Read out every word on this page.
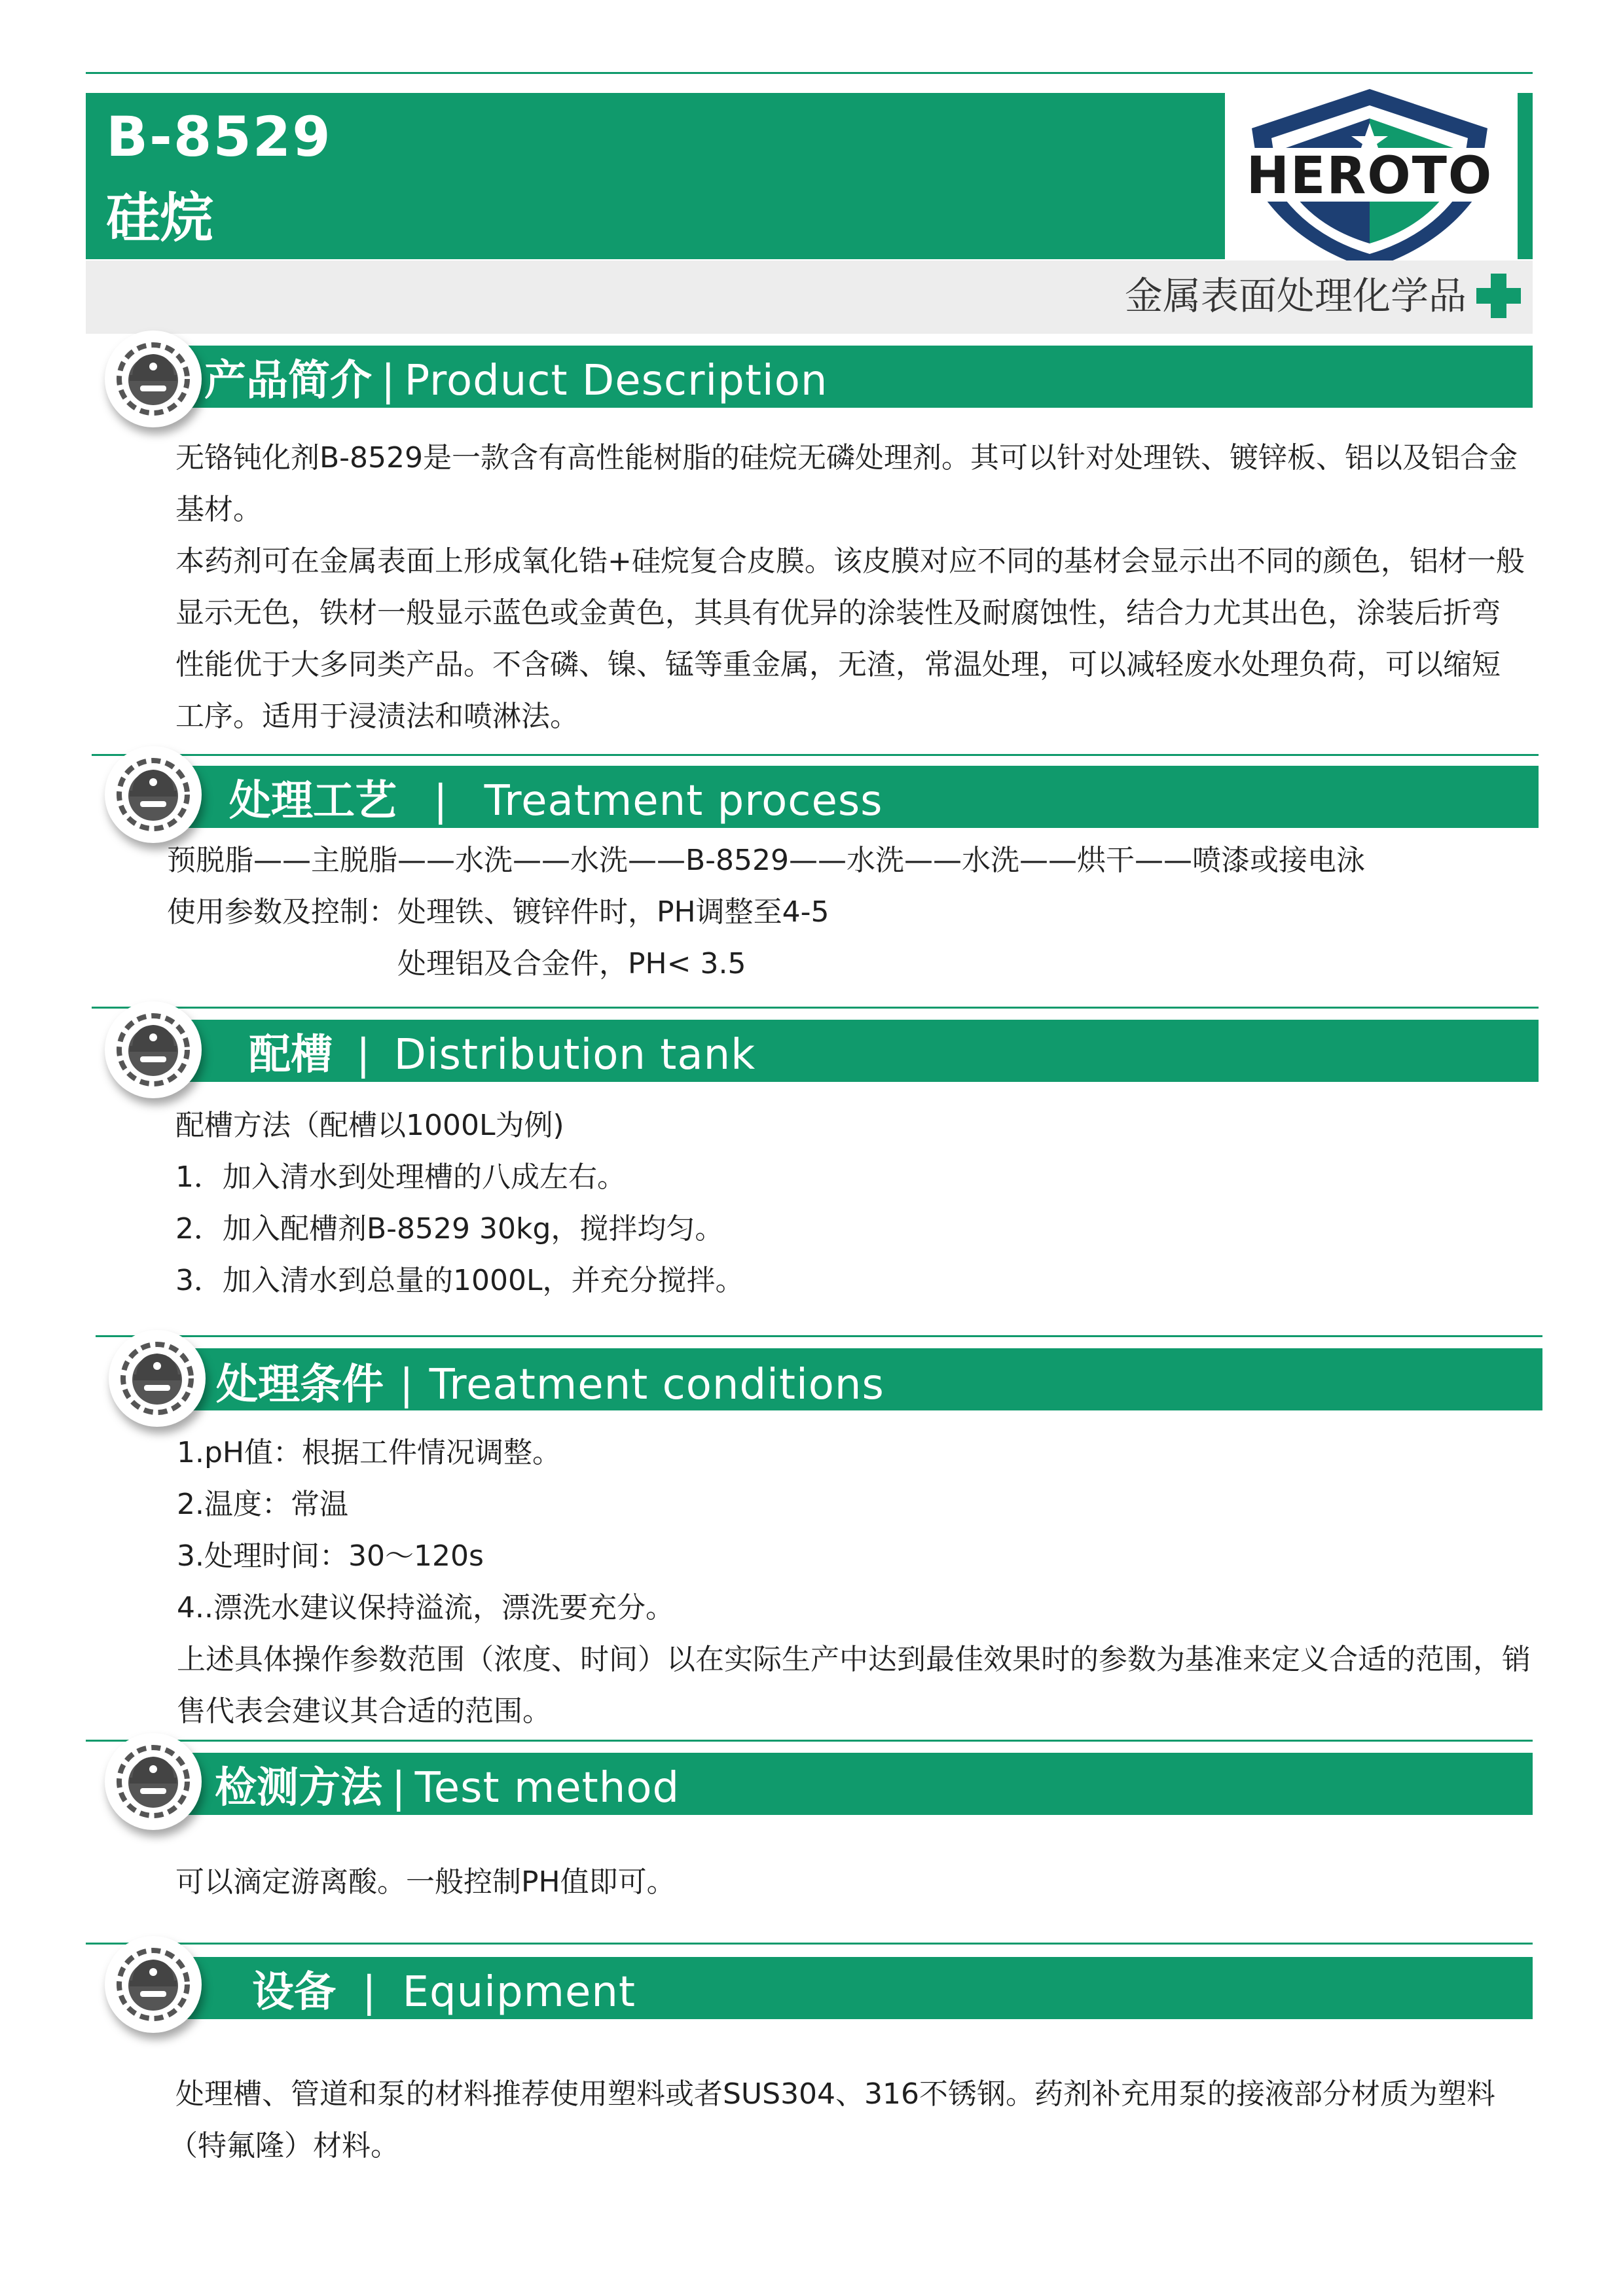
B-8529
硅烷
HEROTO
金属表面处理化学品
产品简介 | Product Description
无铬钝化剂B-8529是一款含有高性能树脂的硅烷无磷处理剂。其可以针对处理铁、镀锌板、铝以及铝合金
基材。
本药剂可在金属表面上形成氧化锆+硅烷复合皮膜。该皮膜对应不同的基材会显示出不同的颜色，铝材一般
显示无色，铁材一般显示蓝色或金黄色，其具有优异的涂装性及耐腐蚀性，结合力尤其出色，涂装后折弯
性能优于大多同类产品。不含磷、镍、锰等重金属，无渣，常温处理，可以减轻废水处理负荷，可以缩短
工序。适用于浸渍法和喷淋法。
处理工艺 | Treatment process
预脱脂——主脱脂——水洗——水洗——B-8529——水洗——水洗——烘干——喷漆或接电泳
使用参数及控制：处理铁、镀锌件时，PH调整至4-5
处理铝及合金件，PH< 3.5
配槽 | Distribution tank
配槽方法（配槽以1000L为例)
1．加入清水到处理槽的八成左右。
2．加入配槽剂B-8529 30kg，搅拌均匀。
3．加入清水到总量的1000L，并充分搅拌。
处理条件 | Treatment conditions
1.pH值：根据工件情况调整。
2.温度：常温
3.处理时间：30～120s
4..漂洗水建议保持溢流，漂洗要充分。
上述具体操作参数范围（浓度、时间）以在实际生产中达到最佳效果时的参数为基准来定义合适的范围，销
售代表会建议其合适的范围。
检测方法 | Test method
可以滴定游离酸。一般控制PH值即可。
设备 | Equipment
处理槽、管道和泵的材料推荐使用塑料或者SUS304、316不锈钢。药剂补充用泵的接液部分材质为塑料
（特氟隆）材料。
